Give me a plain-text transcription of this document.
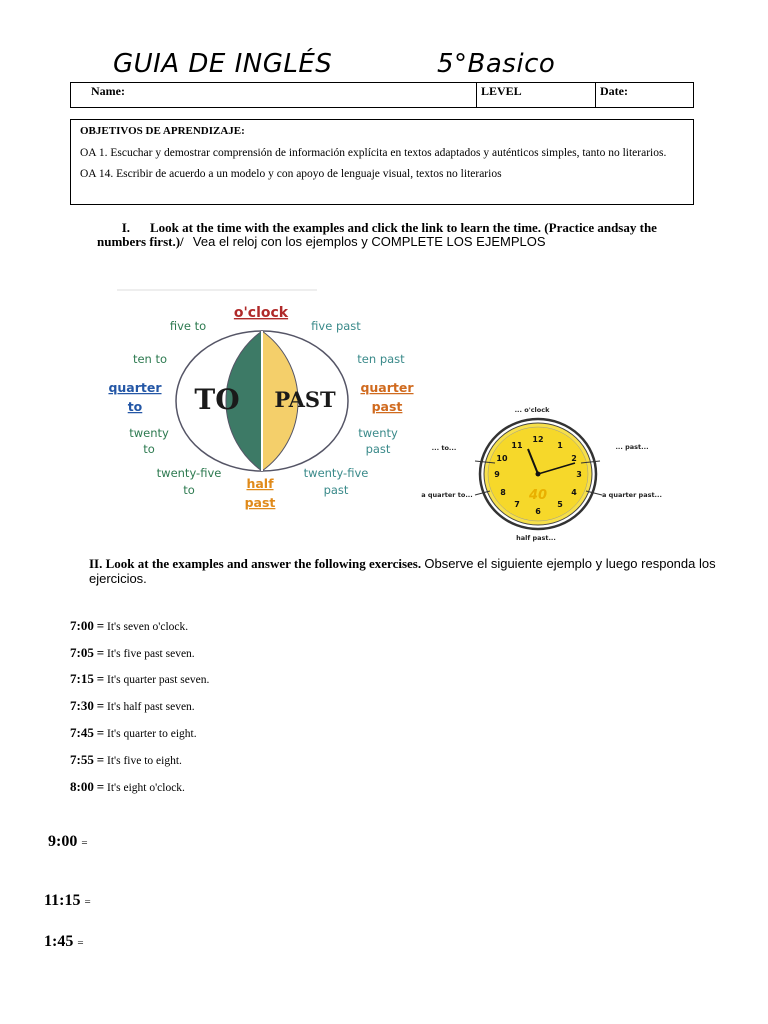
GUIA DE INGLÉS	5°Basico
Name:	LEVEL	Date:

OBJETIVOS DE APRENDIZAJE:

OA 1. Escuchar y demostrar comprensión de información explícita en textos adaptados y auténticos simples, tanto no literarios.

OA 14. Escribir de acuerdo a un modelo y con apoyo de lenguaje visual, textos no literarios

I. Look at the time with the examples and click the link to learn the time. (Practice andsay the numbers first.)/ Vea el reloj con los ejemplos y COMPLETE LOS EJEMPLOS
TO PAST
o'clock
five to
ten to
quarter
to
twenty
to
twenty-five
to
five past
ten past
quarter
past
twenty
past
twenty-five
past
half
past
... o'clock
... to...	... past...
a quarter to...	a quarter past...
half past...
12
1
2
3
4
5
6
7
8
9
10
11
40
II. Look at the examples and answer the following exercises. Observe el siguiente ejemplo y luego responda los ejercicios.
7:00 = It's seven o'clock.
7:05 = It's five past seven.
7:15 = It's quarter past seven.
7:30 = It's half past seven.
7:45 = It's quarter to eight.
7:55 = It's five to eight.
8:00 = It's eight o'clock.
9:00 =
11:15 =
1:45 =
